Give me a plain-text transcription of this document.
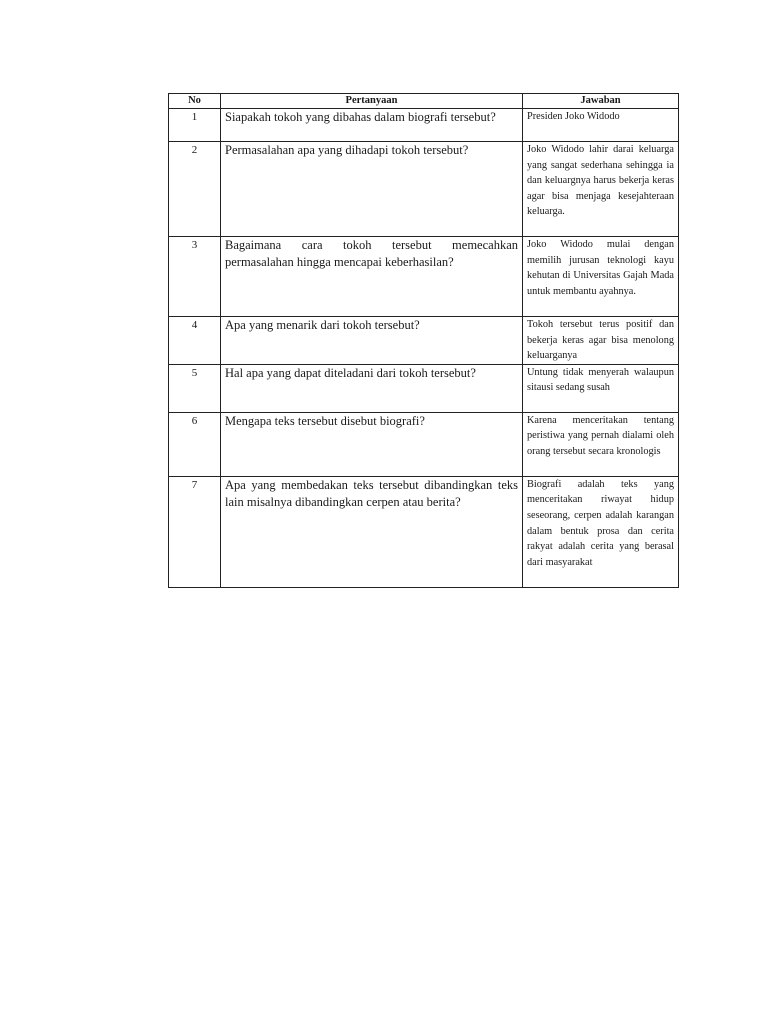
No	Pertanyaan	Jawaban
1	Siapakah tokoh yang dibahas dalam biografi tersebut?	Presiden Joko Widodo
2	Permasalahan apa yang dihadapi tokoh tersebut?	Joko Widodo lahir darai keluarga yang sangat sederhana sehingga ia dan keluargnya harus bekerja keras agar bisa menjaga kesejahteraan keluarga.
3	Bagaimana cara tokoh tersebut memecahkan permasalahan hingga mencapai keberhasilan?	Joko Widodo mulai dengan memilih jurusan teknologi kayu kehutan di Universitas Gajah Mada untuk membantu ayahnya.
4	Apa yang menarik dari tokoh tersebut?	Tokoh tersebut terus positif dan bekerja keras agar bisa menolong keluarganya
5	Hal apa yang dapat diteladani dari tokoh tersebut?	Untung tidak menyerah walaupun sitausi sedang susah
6	Mengapa teks tersebut disebut biografi?	Karena menceritakan tentang peristiwa yang pernah dialami oleh orang tersebut secara kronologis
7	Apa yang membedakan teks tersebut dibandingkan teks lain misalnya dibandingkan cerpen atau berita?	Biografi adalah teks yang menceritakan riwayat hidup seseorang, cerpen adalah karangan dalam bentuk prosa dan cerita rakyat adalah cerita yang berasal dari masyarakat
